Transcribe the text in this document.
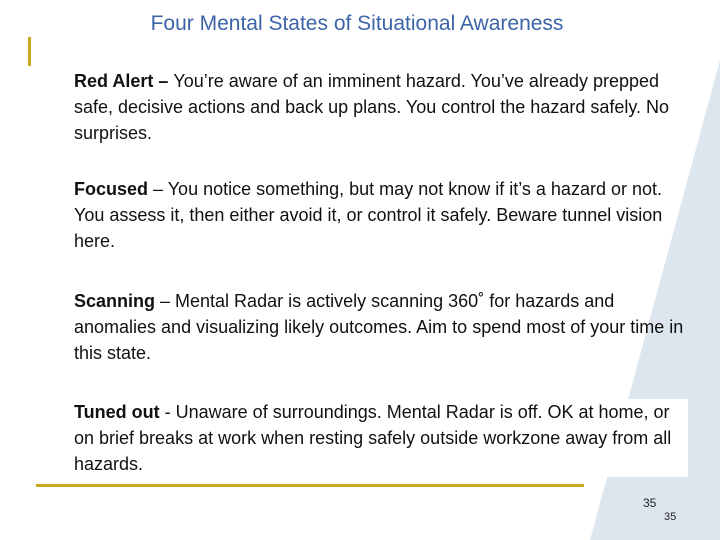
Four Mental States of Situational Awareness
Red Alert – You’re aware of an imminent hazard. You’ve already prepped safe, decisive actions and back up plans. You control the hazard safely. No surprises.
Focused – You notice something, but may not know if it’s a hazard or not. You assess it, then either avoid it, or control it safely. Beware tunnel vision here.
Scanning – Mental Radar is actively scanning 360˚ for hazards and anomalies and visualizing likely outcomes. Aim to spend most of your time in this state.
Tuned out - Unaware of surroundings. Mental Radar is off. OK at home, or on brief breaks at work when resting safely outside workzone away from all hazards.
35
35
